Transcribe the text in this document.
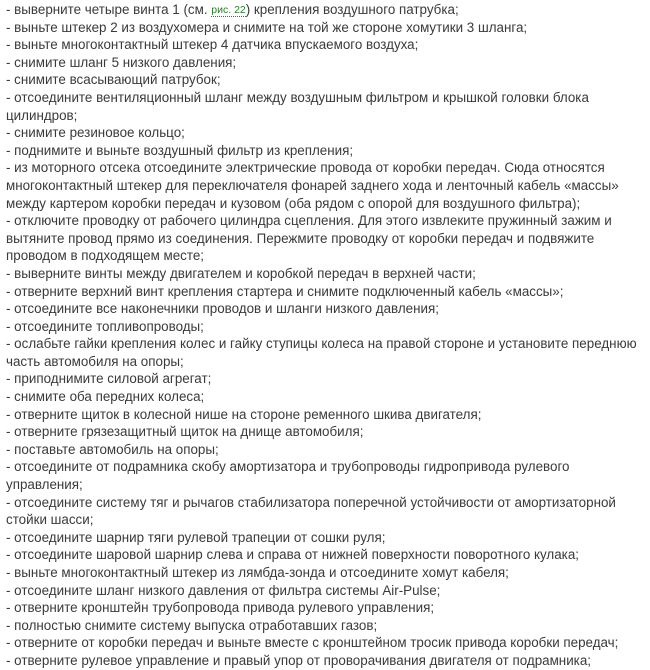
- выверните четыре винта 1 (см. рис. 22) крепления воздушного патрубка;

- выньте штекер 2 из воздухомера и снимите на той же стороне хомутики 3 шланга;

- выньте многоконтактный штекер 4 датчика впускаемого воздуха;

- снимите шланг 5 низкого давления;

- снимите всасывающий патрубок;

- отсоедините вентиляционный шланг между воздушным фильтром и крышкой головки блока цилиндров;

- снимите резиновое кольцо;

- поднимите и выньте воздушный фильтр из крепления;

- из моторного отсека отсоедините электрические провода от коробки передач. Сюда относятся многоконтактный штекер для переключателя фонарей заднего хода и ленточный кабель «массы» между картером коробки передач и кузовом (оба рядом с опорой для воздушного фильтра);

- отключите проводку от рабочего цилиндра сцепления. Для этого извлеките пружинный зажим и вытяните провод прямо из соединения. Пережмите проводку от коробки передач и подвяжите проводом в подходящем месте;

- выверните винты между двигателем и коробкой передач в верхней части;

- отверните верхний винт крепления стартера и снимите подключенный кабель «массы»;

- отсоедините все наконечники проводов и шланги низкого давления;

- отсоедините топливопроводы;

- ослабьте гайки крепления колес и гайку ступицы колеса на правой стороне и установите переднюю часть автомобиля на опоры;

- приподнимите силовой агрегат;

- снимите оба передних колеса;

- отверните щиток в колесной нише на стороне ременного шкива двигателя;

- отверните грязезащитный щиток на днище автомобиля;

- поставьте автомобиль на опоры;

- отсоедините от подрамника скобу амортизатора и трубопроводы гидропривода рулевого управления;

- отсоедините систему тяг и рычагов стабилизатора поперечной устойчивости от амортизаторной стойки шасси;

- отсоедините шарнир тяги рулевой трапеции от сошки руля;

- отсоедините шаровой шарнир слева и справа от нижней поверхности поворотного кулака;

- выньте многоконтактный штекер из лямбда-зонда и отсоедините хомут кабеля;

- отсоедините шланг низкого давления от фильтра системы Air-Pulse;

- отверните кронштейн трубопровода привода рулевого управления;

- полностью снимите систему выпуска отработавших газов;

- отверните от коробки передач и выньте вместе с кронштейном тросик привода коробки передач;

- отверните рулевое управление и правый упор от проворачивания двигателя от подрамника;
